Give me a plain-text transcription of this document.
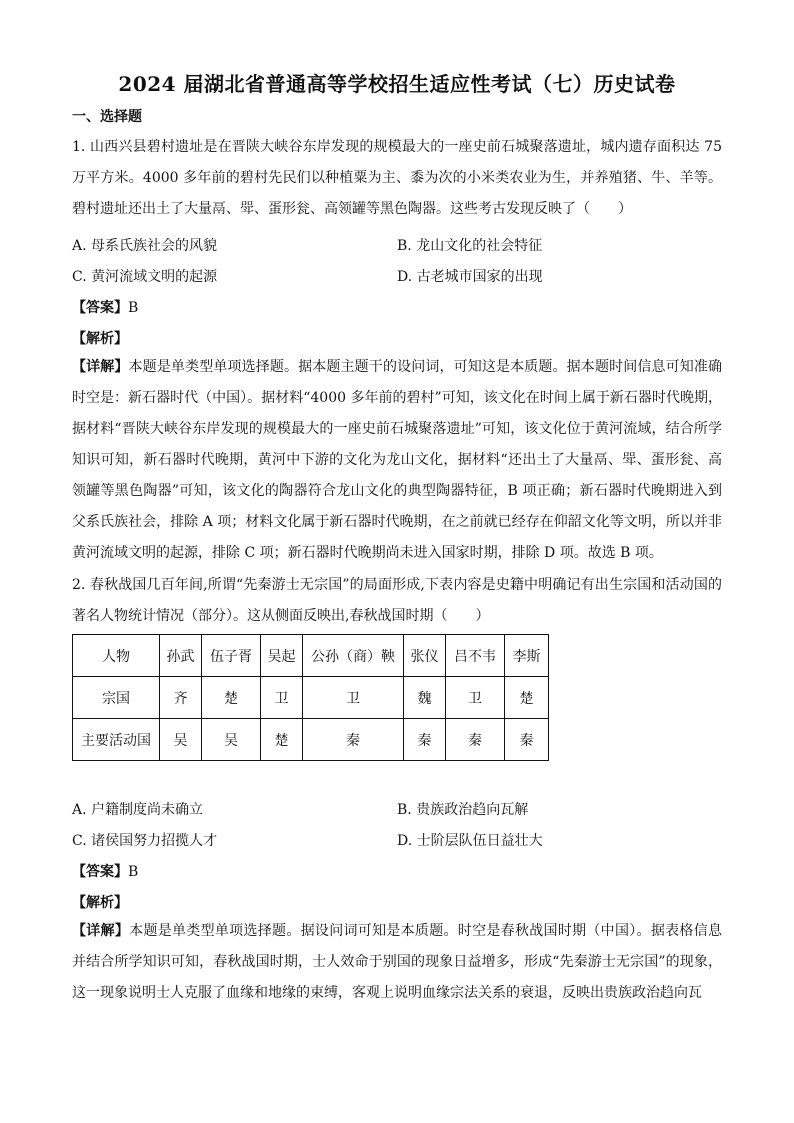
2024 届湖北省普通高等学校招生适应性考试（七）历史试卷
一、选择题

1. 山西兴县碧村遗址是在晋陕大峡谷东岸发现的规模最大的一座史前石城聚落遗址，城内遗存面积达 75 万平方米。4000 多年前的碧村先民们以种植粟为主、黍为次的小米类农业为生，并养殖猪、牛、羊等。碧村遗址还出土了大量鬲、斝、蛋形瓮、高领罐等黑色陶器。这些考古发现反映了（　　）

A. 母系氏族社会的风貌	B. 龙山文化的社会特征
C. 黄河流域文明的起源	D. 古老城市国家的出现
【答案】B
【解析】

【详解】本题是单类型单项选择题。据本题主题干的设问词，可知这是本质题。据本题时间信息可知准确时空是：新石器时代（中国）。据材料“4000 多年前的碧村”可知，该文化在时间上属于新石器时代晚期，据材料“晋陕大峡谷东岸发现的规模最大的一座史前石城聚落遗址”可知，该文化位于黄河流域，结合所学知识可知，新石器时代晚期，黄河中下游的文化为龙山文化，据材料“还出土了大量鬲、斝、蛋形瓮、高领罐等黑色陶器”可知，该文化的陶器符合龙山文化的典型陶器特征，B 项正确；新石器时代晚期进入到父系氏族社会，排除 A 项；材料文化属于新石器时代晚期，在之前就已经存在仰韶文化等文明，所以并非黄河流域文明的起源，排除 C 项；新石器时代晚期尚未进入国家时期，排除 D 项。故选 B 项。

2. 春秋战国几百年间,所谓“先秦游士无宗国”的局面形成,下表内容是史籍中明确记有出生宗国和活动国的著名人物统计情况（部分）。这从侧面反映出,春秋战国时期（　　）

人物	孙武	伍子胥	吴起	公孙（商）鞅	张仪	吕不韦	李斯
宗国	齐	楚	卫	卫	魏	卫	楚
主要活动国	吴	吴	楚	秦	秦	秦	秦
A. 户籍制度尚未确立	B. 贵族政治趋向瓦解
C. 诸侯国努力招揽人才	D. 士阶层队伍日益壮大
【答案】B
【解析】

【详解】本题是单类型单项选择题。据设问词可知是本质题。时空是春秋战国时期（中国）。据表格信息并结合所学知识可知，春秋战国时期，士人效命于别国的现象日益增多，形成“先秦游士无宗国”的现象，这一现象说明士人克服了血缘和地缘的束缚，客观上说明血缘宗法关系的衰退，反映出贵族政治趋向瓦
